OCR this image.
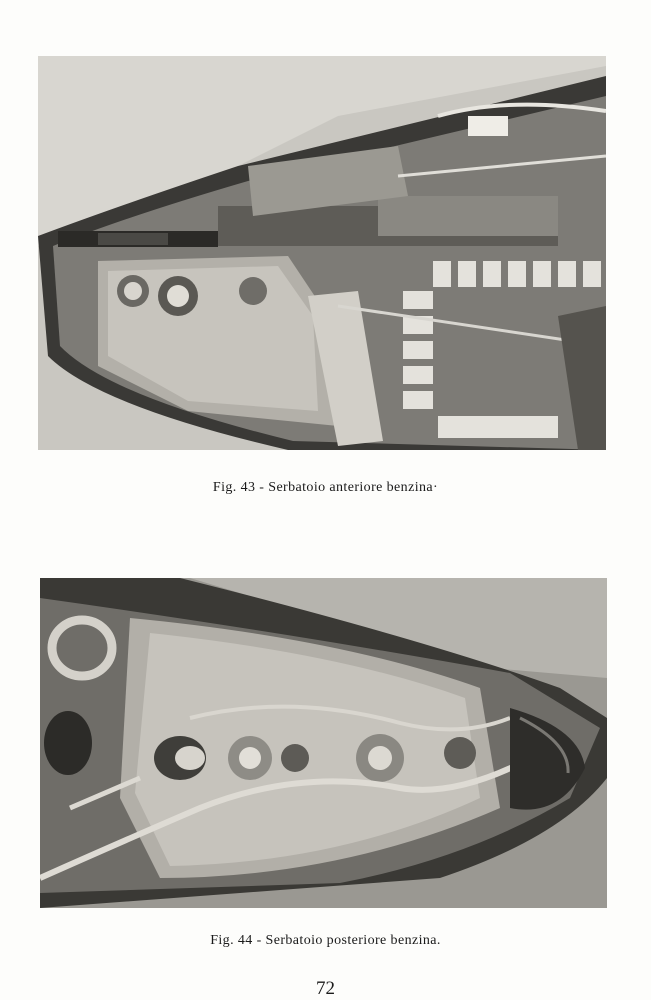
Fig. 43 - Serbatoio anteriore benzina·
Fig. 44 - Serbatoio posteriore benzina.
72
